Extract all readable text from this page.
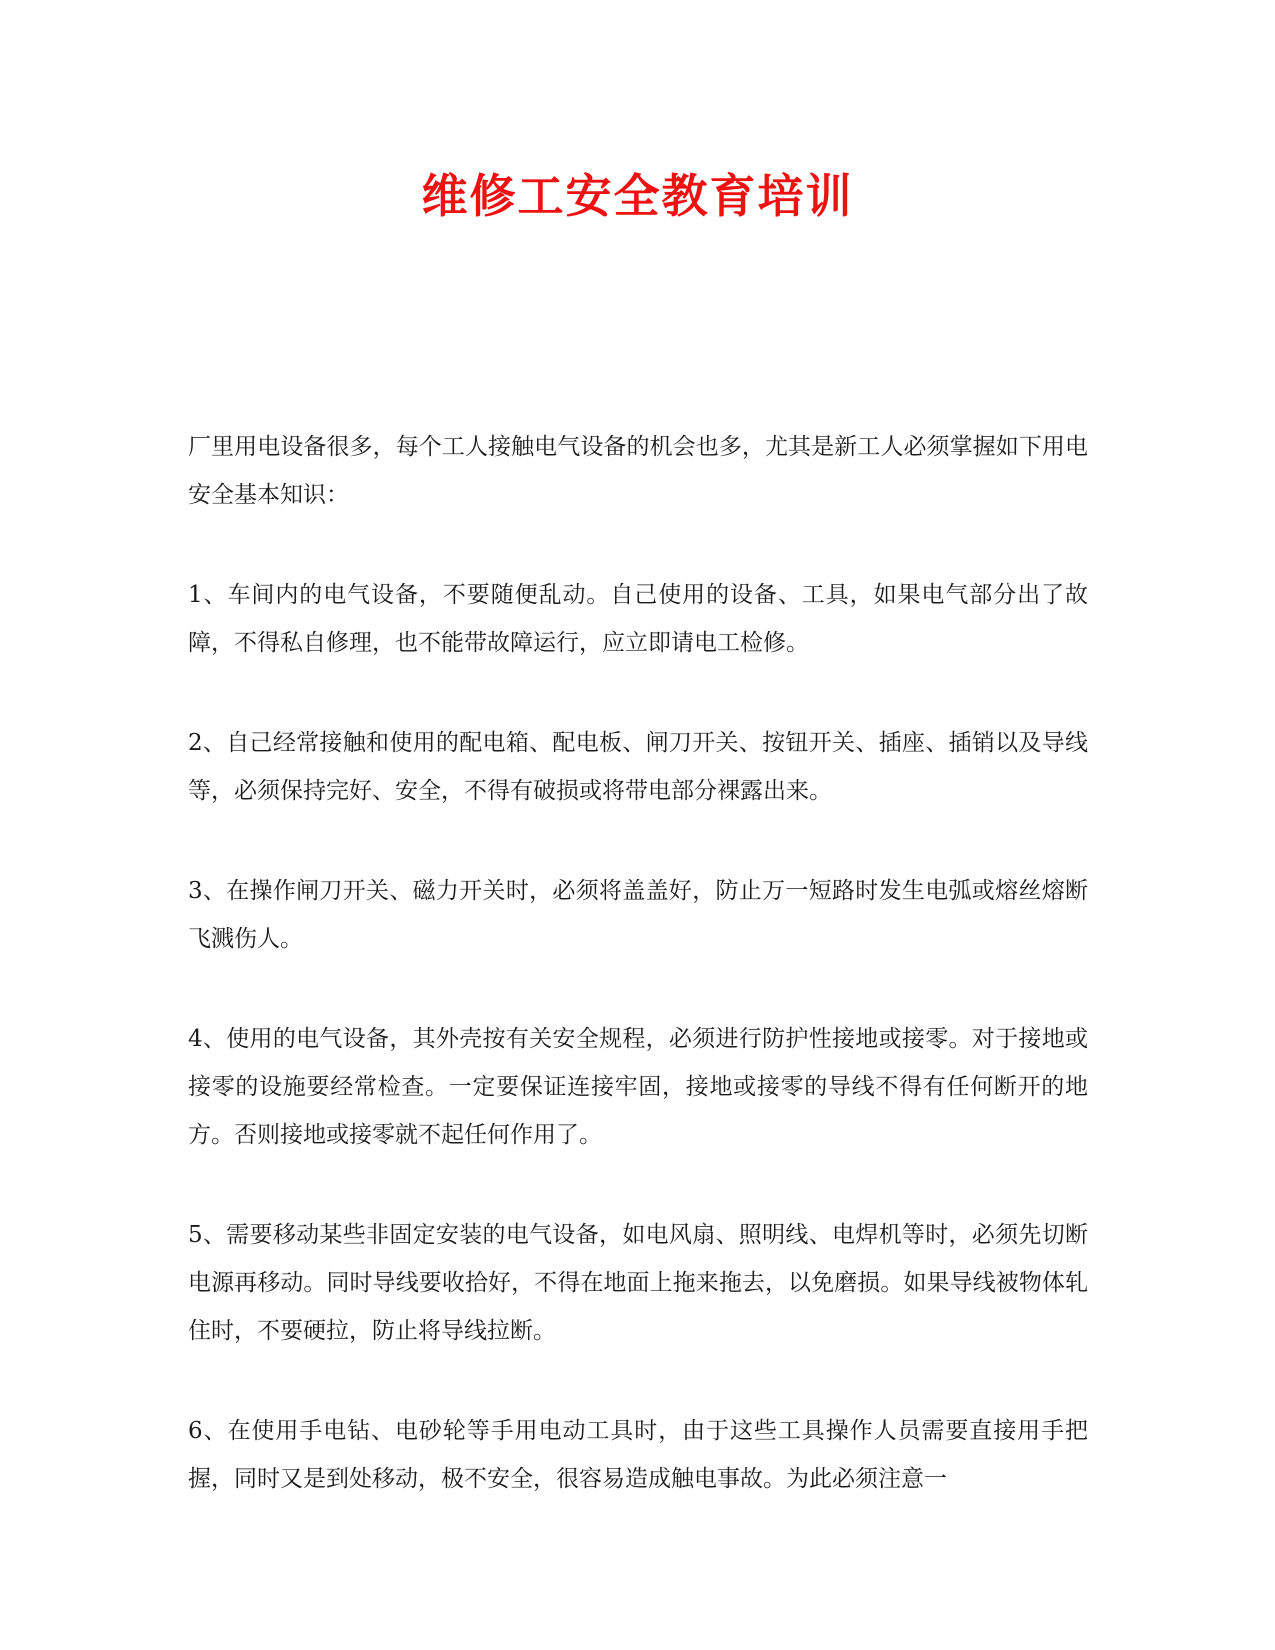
维修工安全教育培训

厂里用电设备很多，每个工人接触电气设备的机会也多，尤其是新工人必须掌握如下用电安全基本知识：

1、车间内的电气设备，不要随便乱动。自己使用的设备、工具，如果电气部分出了故障，不得私自修理，也不能带故障运行，应立即请电工检修。

2、自己经常接触和使用的配电箱、配电板、闸刀开关、按钮开关、插座、插销以及导线等，必须保持完好、安全，不得有破损或将带电部分裸露出来。

3、在操作闸刀开关、磁力开关时，必须将盖盖好，防止万一短路时发生电弧或熔丝熔断飞溅伤人。

4、使用的电气设备，其外壳按有关安全规程，必须进行防护性接地或接零。对于接地或接零的设施要经常检查。一定要保证连接牢固，接地或接零的导线不得有任何断开的地方。否则接地或接零就不起任何作用了。

5、需要移动某些非固定安装的电气设备，如电风扇、照明线、电焊机等时，必须先切断电源再移动。同时导线要收拾好，不得在地面上拖来拖去，以免磨损。如果导线被物体轧住时，不要硬拉，防止将导线拉断。

6、在使用手电钻、电砂轮等手用电动工具时，由于这些工具操作人员需要直接用手把握，同时又是到处移动，极不安全，很容易造成触电事故。为此必须注意一
